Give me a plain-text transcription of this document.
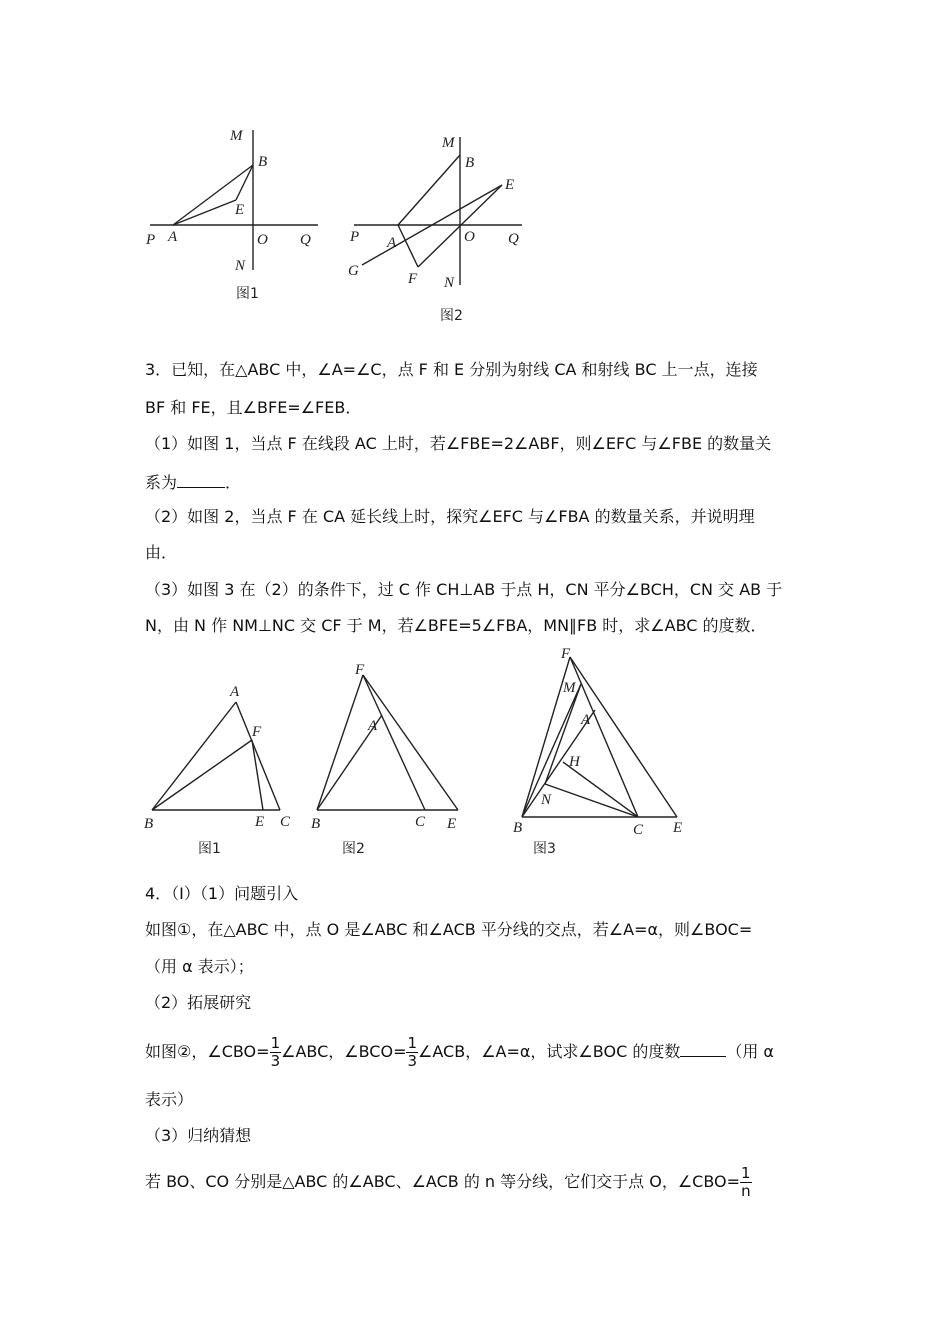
M
B
E
P A	O Q
N
图1
M
B
E
P A	O Q
G	F N
图2
3．已知，在△ABC 中，∠A=∠C，点 F 和 E 分别为射线 CA 和射线 BC 上一点，连接
BF 和 FE，且∠BFE=∠FEB．
（1）如图 1，当点 F 在线段 AC 上时，若∠FBE=2∠ABF，则∠EFC 与∠FBE 的数量关
系为	．
（2）如图 2，当点 F 在 CA 延长线上时，探究∠EFC 与∠FBA 的数量关系，并说明理
由．
（3）如图 3 在（2）的条件下，过 C 作 CH⊥AB 于点 H，CN 平分∠BCH，CN 交 AB 于
N，由 N 作 NM⊥NC 交 CF 于 M，若∠BFE=5∠FBA，MN∥FB 时，求∠ABC 的度数．
A
F
B	E C
图1
F
A
B	C E
图2
F
M
A
H
N
B	C E
图3
4．（Ⅰ）（1）问题引入
如图①，在△ABC 中，点 O 是∠ABC 和∠ACB 平分线的交点，若∠A=α，则∠BOC=
（用 α 表示）；
（2）拓展研究
如图②，∠CBO= $\frac{1}{3}$ ∠ABC，∠BCO= $\frac{1}{3}$ ∠ACB，∠A=α，试求∠BOC 的度数	（用 α
表示）
（3）归纳猜想
若 BO、CO 分别是△ABC 的∠ABC、∠ACB 的 n 等分线，它们交于点 O，∠CBO= $\frac{1}{n}$
